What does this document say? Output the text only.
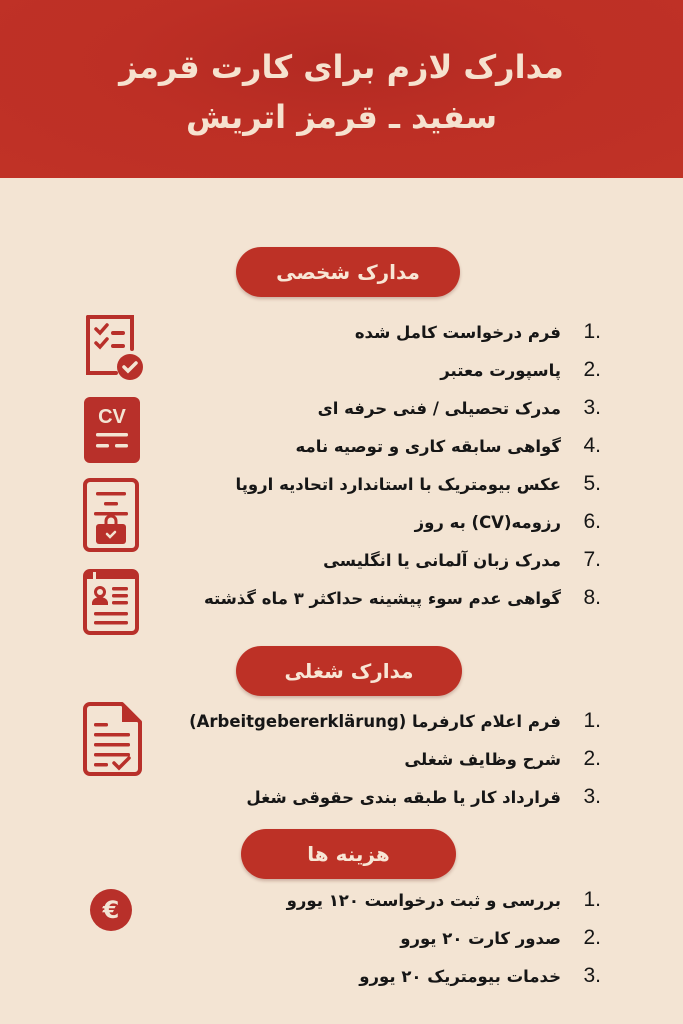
مدارک لازم برای کارت قرمز
سفید ـ قرمز اتریش
مدارک شخصی
CV
1.
فرم درخواست کامل شده
2.
پاسپورت معتبر
3.
مدرک تحصیلی / فنی حرفه ای
4.
گواهی سابقه کاری و توصیه نامه
5.
عکس بیومتریک با استاندارد اتحادیه اروپا
6.
رزومه(CV) به روز
7.
مدرک زبان آلمانی یا انگلیسی
8.
گواهی عدم سوء پیشینه حداکثر ۳ ماه گذشته
مدارک شغلی
1.
فرم اعلام کارفرما (Arbeitgebererklärung)
2.
شرح وظایف شغلی
3.
قرارداد کار یا طبقه بندی حقوقی شغل
هزینه ها
€	1.
بررسی و ثبت درخواست ۱۲۰ یورو
2.
صدور کارت ۲۰ یورو
3.
خدمات بیومتریک ۲۰ یورو
